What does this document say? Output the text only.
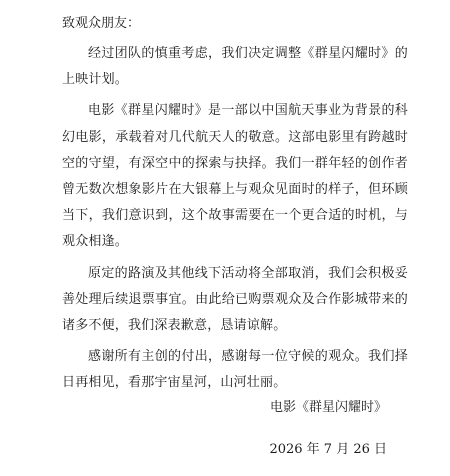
致观众朋友：

经过团队的慎重考虑，我们决定调整《群星闪耀时》的上映计划。

电影《群星闪耀时》是一部以中国航天事业为背景的科幻电影，承载着对几代航天人的敬意。这部电影里有跨越时空的守望，有深空中的探索与抉择。我们一群年轻的创作者曾无数次想象影片在大银幕上与观众见面时的样子，但环顾当下，我们意识到，这个故事需要在一个更合适的时机，与观众相逢。

原定的路演及其他线下活动将全部取消，我们会积极妥善处理后续退票事宜。由此给已购票观众及合作影城带来的诸多不便，我们深表歉意，恳请谅解。

感谢所有主创的付出，感谢每一位守候的观众。我们择日再相见，看那宇宙星河，山河壮丽。

电影《群星闪耀时》
2026 年 7 月 26 日
